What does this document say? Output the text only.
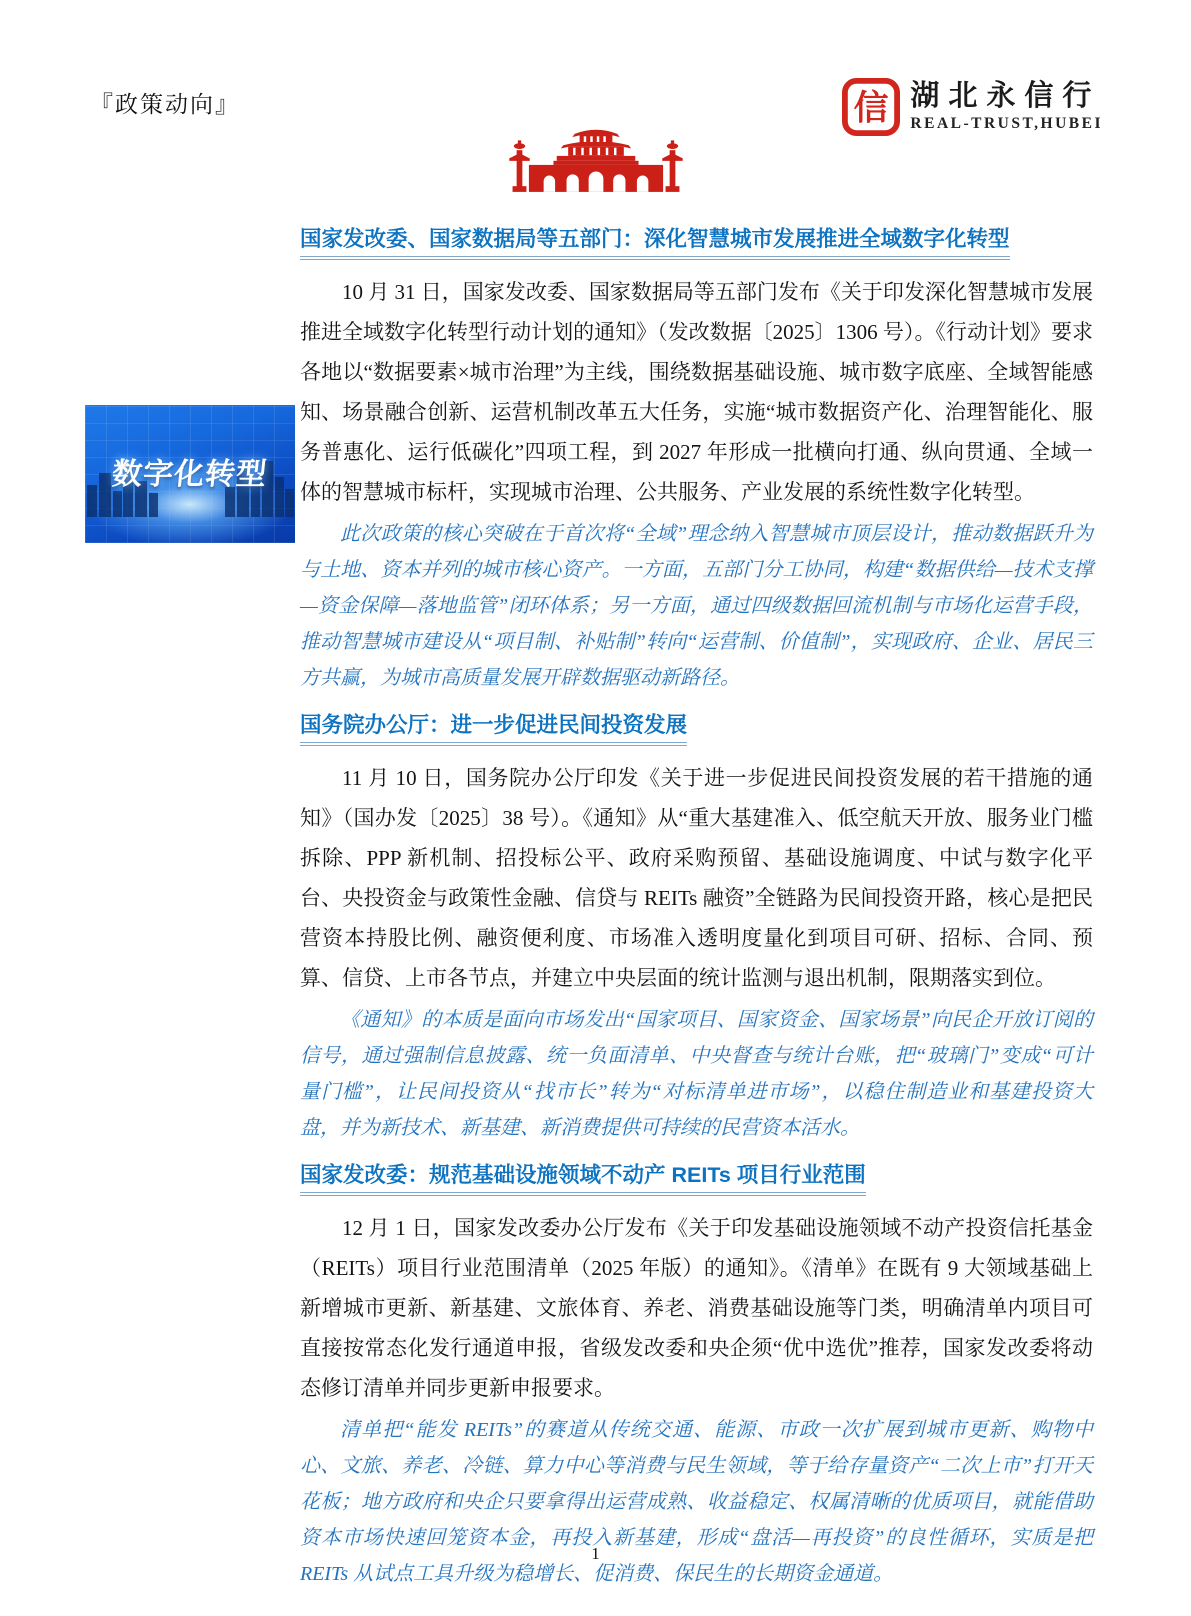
『政策动向』	信 湖北永信行
REAL-TRUST,HUBEI
数字化转型
国家发改委、国家数据局等五部门：深化智慧城市发展推进全域数字化转型

10 月 31 日，国家发改委、国家数据局等五部门发布《关于印发深化智慧城市发展推进全域数字化转型行动计划的通知》（发改数据〔2025〕1306 号）。《行动计划》要求各地以“数据要素×城市治理”为主线，围绕数据基础设施、城市数字底座、全域智能感知、场景融合创新、运营机制改革五大任务，实施“城市数据资产化、治理智能化、服务普惠化、运行低碳化”四项工程，到 2027 年形成一批横向打通、纵向贯通、全域一体的智慧城市标杆，实现城市治理、公共服务、产业发展的系统性数字化转型。

此次政策的核心突破在于首次将“全域”理念纳入智慧城市顶层设计，推动数据跃升为与土地、资本并列的城市核心资产。一方面，五部门分工协同，构建“数据供给—技术支撑—资金保障—落地监管”闭环体系；另一方面，通过四级数据回流机制与市场化运营手段，推动智慧城市建设从“项目制、补贴制”转向“运营制、价值制”，实现政府、企业、居民三方共赢，为城市高质量发展开辟数据驱动新路径。

国务院办公厅：进一步促进民间投资发展

11 月 10 日，国务院办公厅印发《关于进一步促进民间投资发展的若干措施的通知》（国办发〔2025〕38 号）。《通知》从“重大基建准入、低空航天开放、服务业门槛拆除、PPP 新机制、招投标公平、政府采购预留、基础设施调度、中试与数字化平台、央投资金与政策性金融、信贷与 REITs 融资”全链路为民间投资开路，核心是把民营资本持股比例、融资便利度、市场准入透明度量化到项目可研、招标、合同、预算、信贷、上市各节点，并建立中央层面的统计监测与退出机制，限期落实到位。

《通知》的本质是面向市场发出“国家项目、国家资金、国家场景”向民企开放订阅的信号，通过强制信息披露、统一负面清单、中央督查与统计台账，把“玻璃门”变成“可计量门槛”，让民间投资从“找市长”转为“对标清单进市场”，以稳住制造业和基建投资大盘，并为新技术、新基建、新消费提供可持续的民营资本活水。

国家发改委：规范基础设施领域不动产 REITs 项目行业范围

12 月 1 日，国家发改委办公厅发布《关于印发基础设施领域不动产投资信托基金（REITs）项目行业范围清单（2025 年版）的通知》。《清单》在既有 9 大领域基础上新增城市更新、新基建、文旅体育、养老、消费基础设施等门类，明确清单内项目可直接按常态化发行通道申报，省级发改委和央企须“优中选优”推荐，国家发改委将动态修订清单并同步更新申报要求。

清单把“能发 REITs”的赛道从传统交通、能源、市政一次扩展到城市更新、购物中心、文旅、养老、冷链、算力中心等消费与民生领域，等于给存量资产“二次上市”打开天花板；地方政府和央企只要拿得出运营成熟、收益稳定、权属清晰的优质项目，就能借助资本市场快速回笼资本金，再投入新基建，形成“盘活—再投资”的良性循环，实质是把 REITs 从试点工具升级为稳增长、促消费、保民生的长期资金通道。

1
